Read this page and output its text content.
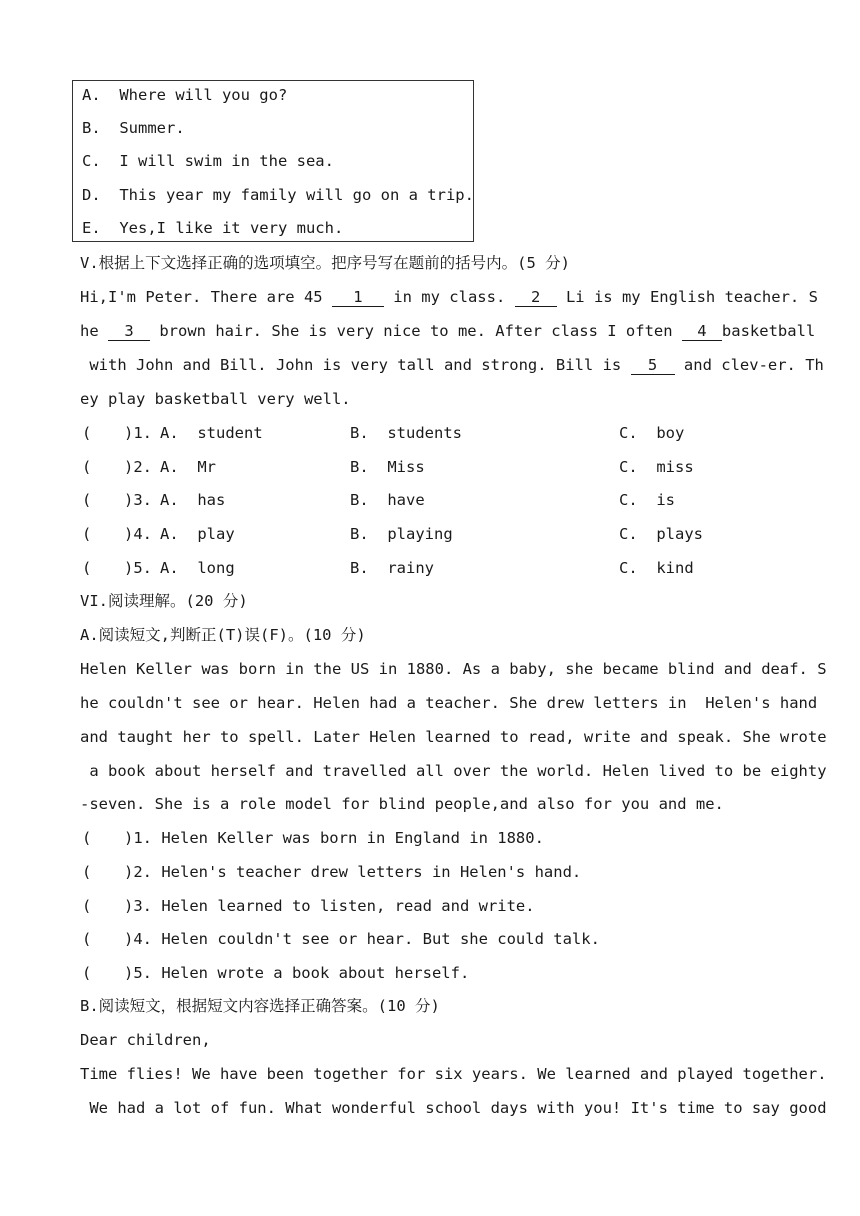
A.  Where will you go?
B.  Summer.
C.  I will swim in the sea.
D.  This year my family will go on a trip.
E.  Yes,I like it very much.
V.根据上下文选择正确的选项填空。把序号写在题前的括号内。(5 分)
Hi,I'm Peter. There are 45 1 in my class. 2 Li is my English teacher. S
he 3 brown hair. She is very nice to me. After class I often 4 basketball
with John and Bill. John is very tall and strong. Bill is 5 and clev-er. Th
ey play basketball very well.
( )1. A.  student	B.  students	C.  boy
( )2. A.  Mr	B.  Miss	C.  miss
( )3. A.  has	B.  have	C.  is
( )4. A.  play	B.  playing	C.  plays
( )5. A.  long	B.  rainy	C.  kind
VI.阅读理解。(20 分)
A.阅读短文,判断正(T)误(F)。(10 分)
Helen Keller was born in the US in 1880. As a baby, she became blind and deaf. S
he couldn't see or hear. Helen had a teacher. She drew letters in  Helen's hand
and taught her to spell. Later Helen learned to read, write and speak. She wrote
a book about herself and travelled all over the world. Helen lived to be eighty
-seven. She is a role model for blind people,and also for you and me.
( )1. Helen Keller was born in England in 1880.
( )2. Helen's teacher drew letters in Helen's hand.
( )3. Helen learned to listen, read and write.
( )4. Helen couldn't see or hear. But she could talk.
( )5. Helen wrote a book about herself.
B.阅读短文，根据短文内容选择正确答案。(10 分)
Dear children,
Time flies! We have been together for six years. We learned and played together.
We had a lot of fun. What wonderful school days with you! It's time to say good
